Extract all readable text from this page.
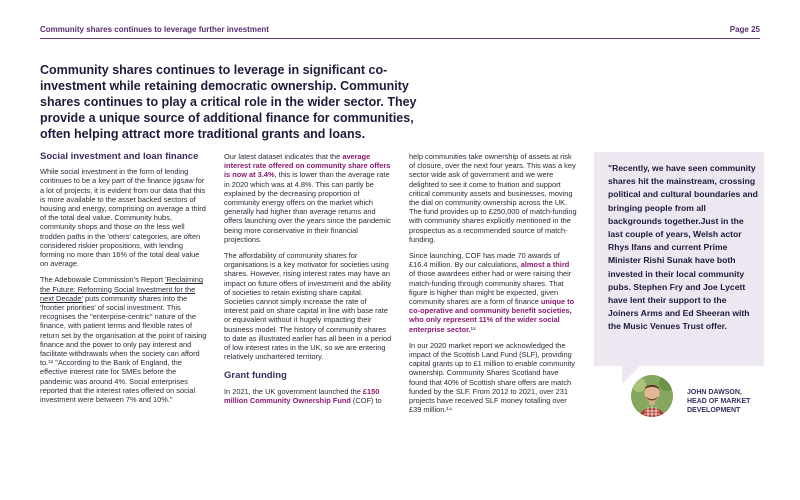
Community shares continues to leverage further investment	Page 25

Community shares continues to leverage in significant co-investment while retaining democratic ownership. Community shares continues to play a critical role in the wider sector. They provide a unique source of additional finance for communities, often helping attract more traditional grants and loans.

Social investment and loan finance

While social investment in the form of lending continues to be a key part of the finance jigsaw for a lot of projects, it is evident from our data that this is more available to the asset backed sectors of housing and energy, comprising on average a third of the total deal value. Community hubs, community shops and those on the less well trodden paths in the 'others' categories, are often considered riskier propositions, with lending forming no more than 16% of the total deal value on average.

The Adebowale Commission's Report 'Reclaiming the Future: Reforming Social Investment for the next Decade' puts community shares into the 'frontier priorities' of social investment. This recognises the "enterprise-centric" nature of the finance, with patient terms and flexible rates of return set by the organisation at the point of raising finance and the power to only pay interest and facilitate withdrawals when the society can afford to.¹² "According to the Bank of England, the effective interest rate for SMEs before the pandemic was around 4%. Social enterprises reported that the interest rates offered on social investment were between 7% and 10%."

Our latest dataset indicates that the average interest rate offered on community share offers is now at 3.4%, this is lower than the average rate in 2020 which was at 4.8%. This can partly be explained by the decreasing proportion of community energy offers on the market which generally had higher than average returns and offers launching over the years since the pandemic being more conservative in their financial projections.

The affordability of community shares for organisations is a key motivator for societies using shares. However, rising interest rates may have an impact on future offers of investment and the ability of societies to retain existing share capital. Societies cannot simply increase the rate of interest paid on share capital in line with base rate or equivalent without it hugely impacting their business model. The history of community shares to date as illustrated earlier has all been in a period of low interest rates in the UK, so we are entering relatively unchartered territory.

Grant funding

In 2021, the UK government launched the £150 million Community Ownership Fund (COF) to

help communities take ownership of assets at risk of closure, over the next four years. This was a key sector wide ask of government and we were delighted to see it come to fruition and support critical community assets and businesses, moving the dial on community ownership across the UK. The fund provides up to £250,000 of match-funding with community shares explicitly mentioned in the prospectus as a recommended source of match-funding.

Since launching, COF has made 70 awards of £16.4 million. By our calculations, almost a third of those awardees either had or were raising their match-funding through community shares. That figure is higher than might be expected, given community shares are a form of finance unique to co-operative and community benefit societies, who only represent 11% of the wider social enterprise sector.¹³

In our 2020 market report we acknowledged the impact of the Scottish Land Fund (SLF), providing capital grants up to £1 million to enable community ownership. Community Shares Scotland have found that 40% of Scottish share offers are match funded by the SLF. From 2012 to 2021, over 231 projects have received SLF money totalling over £39 million.¹⁴

"Recently, we have seen community shares hit the mainstream, crossing political and cultural boundaries and bringing people from all backgrounds together.Just in the last couple of years, Welsh actor Rhys Ifans and current Prime Minister Rishi Sunak have both invested in their local community pubs. Stephen Fry and Joe Lycett have lent their support to the Joiners Arms and Ed Sheeran with the Music Venues Trust offer.

JOHN DAWSON,
HEAD OF MARKET DEVELOPMENT
